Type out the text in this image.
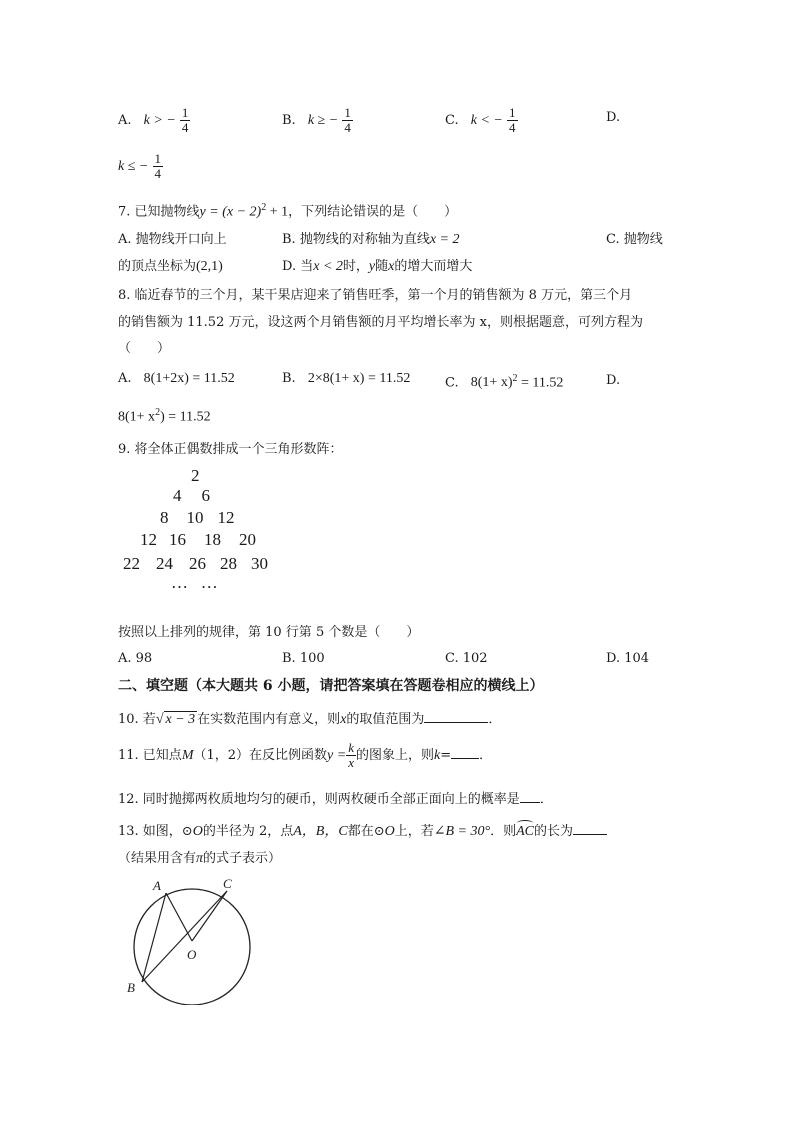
A. k > − $\frac{1}{4}$	B. k ≥ − $\frac{1}{4}$	C. k < − $\frac{1}{4}$	D.
k ≤ − $\frac{1}{4}$
7. 已知抛物线$y = (x - 2)^2 + 1$，下列结论错误的是（　　）
A. 抛物线开口向上	B. 抛物线的对称轴为直线x = 2	C. 抛物线
的顶点坐标为(2,1)	D. 当x < 2时，y随x的增大而增大
8. 临近春节的三个月，某干果店迎来了销售旺季，第一个月的销售额为 8 万元，第三个月
的销售额为 11.52 万元，设这两个月销售额的月平均增长率为 x，则根据题意，可列方程为
（　　）
A. 8(1+2x) = 11.52	B. 2×8(1+ x) = 11.52	C. $8(1+ x)^2 = 11.52$	D.
$8(1+ x^2) = 11.52$
9. 将全体正偶数排成一个三角形数阵：
2
4 6
8 10 12
12 16 18 20
22 24 26 28 30
…   …
按照以上排列的规律，第 10 行第 5 个数是（　　）
A. 98	B. 100	C. 102	D. 104
二、填空题（本大题共 6 小题，请把答案填在答题卷相应的横线上）
10. 若√ x − 3 在实数范围内有意义，则x的取值范围为	．
11. 已知点M（1，2）在反比例函数$y = \frac{k}{x}$ 的图象上，则k= ．
12. 同时抛掷两枚质地均匀的硬币，则两枚硬币全部正面向上的概率是 ．
13. 如图，⊙O的半径为 2，点A，B，C都在⊙O上，若∠B = 30°．则
AC的长为
（结果用含有π的式子表示）
A	C
O
B
